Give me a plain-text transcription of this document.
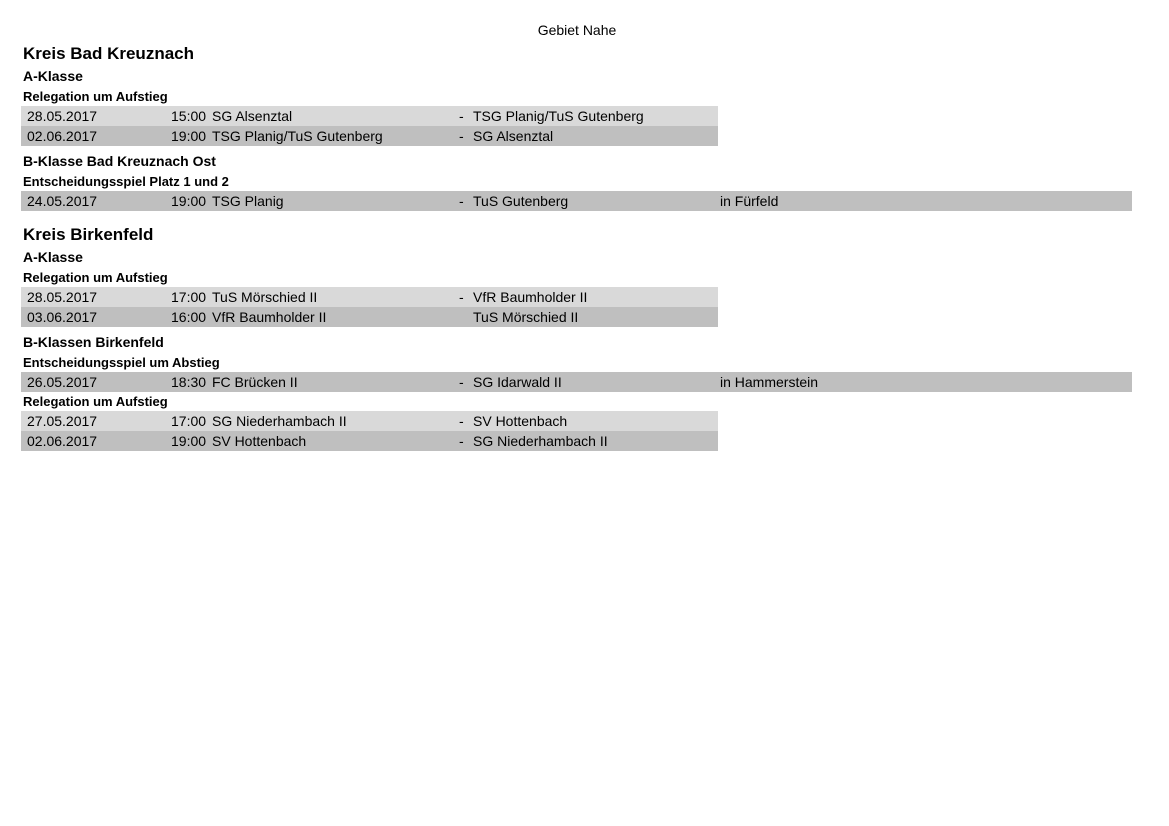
Gebiet Nahe
Kreis Bad Kreuznach
A-Klasse
Relegation um Aufstieg
28.05.2017	15:00 SG Alsenztal	- TSG Planig/TuS Gutenberg
02.06.2017	19:00 TSG Planig/TuS Gutenberg	- SG Alsenztal
B-Klasse Bad Kreuznach Ost
Entscheidungsspiel Platz 1 und 2
24.05.2017	19:00 TSG Planig	- TuS Gutenberg	in Fürfeld
Kreis Birkenfeld
A-Klasse
Relegation um Aufstieg
28.05.2017	17:00 TuS Mörschied II	- VfR Baumholder II
03.06.2017	16:00 VfR Baumholder II	TuS Mörschied II
B-Klassen Birkenfeld
Entscheidungsspiel um Abstieg
26.05.2017	18:30 FC Brücken II	- SG Idarwald II	in Hammerstein
Relegation um Aufstieg
27.05.2017	17:00 SG Niederhambach II	- SV Hottenbach
02.06.2017	19:00 SV Hottenbach	- SG Niederhambach II
